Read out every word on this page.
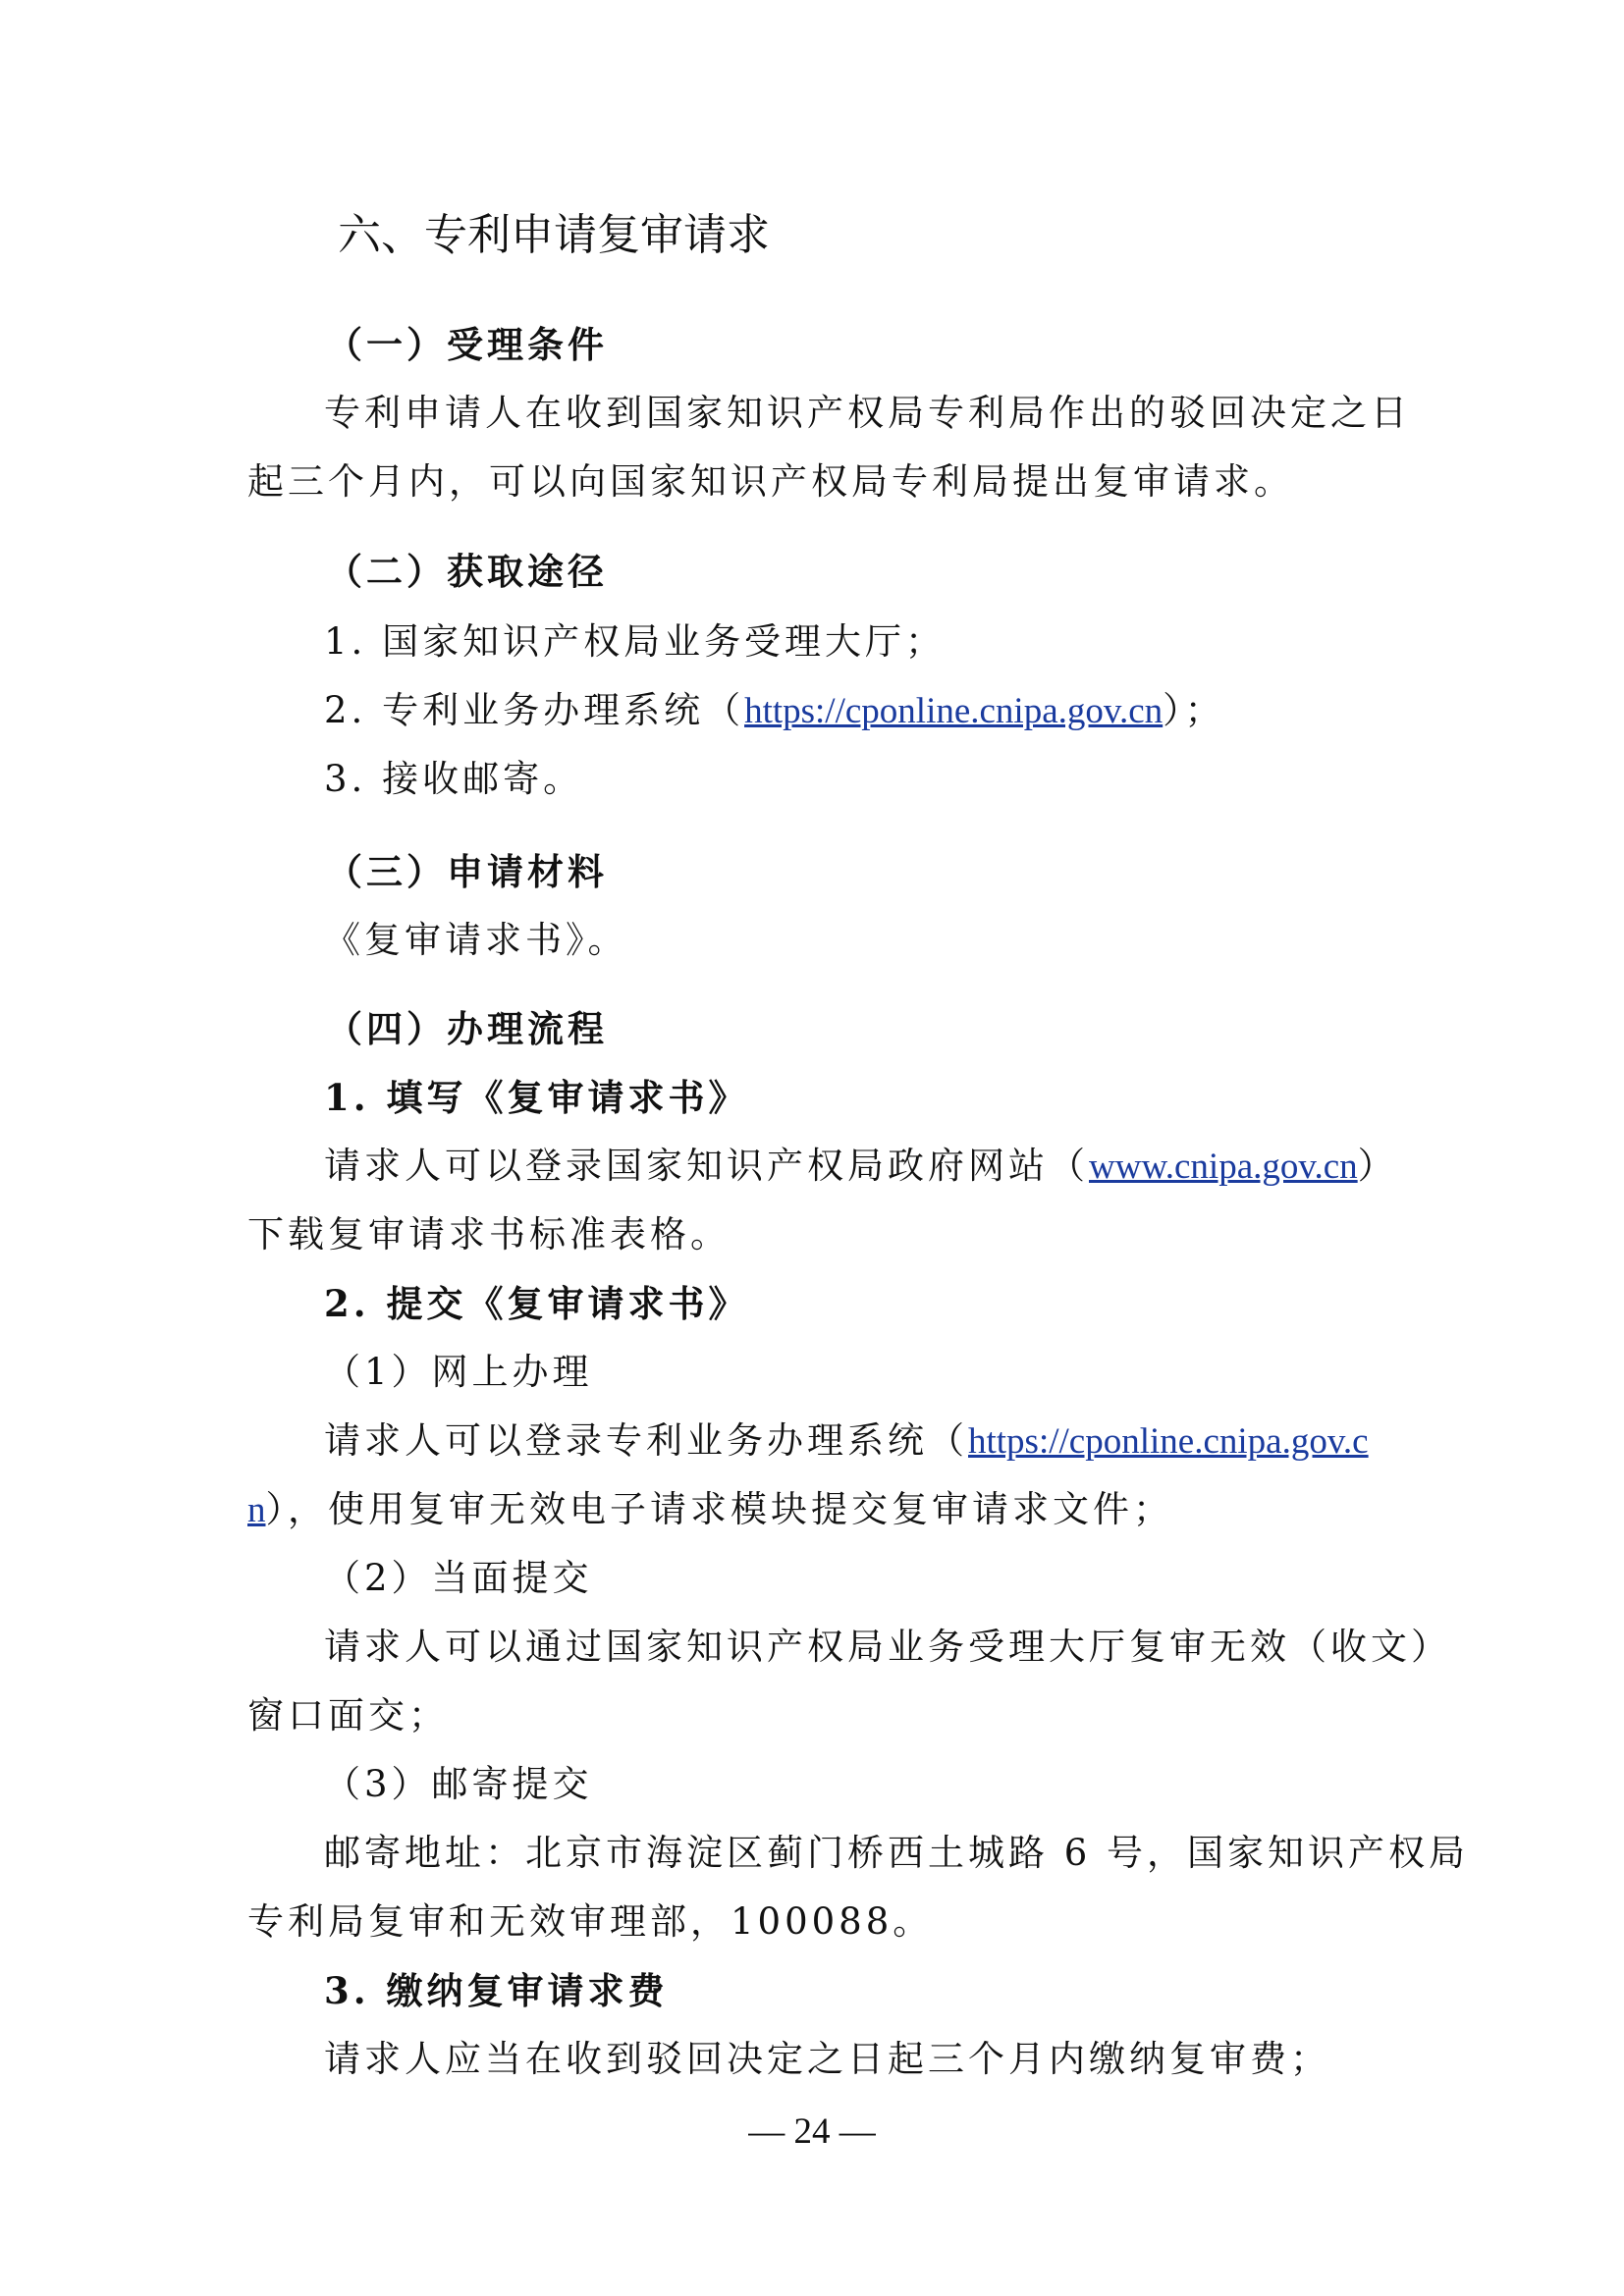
六、专利申请复审请求
（一）受理条件
专利申请人在收到国家知识产权局专利局作出的驳回决定之日
起三个月内，可以向国家知识产权局专利局提出复审请求。
（二）获取途径
1. 国家知识产权局业务受理大厅；
2. 专利业务办理系统（https://cponline.cnipa.gov.cn）；
3. 接收邮寄。
（三）申请材料
《复审请求书》。
（四）办理流程
1. 填写《复审请求书》
请求人可以登录国家知识产权局政府网站（www.cnipa.gov.cn）
下载复审请求书标准表格。
2. 提交《复审请求书》
（1）网上办理
请求人可以登录专利业务办理系统（https://cponline.cnipa.gov.c
n），使用复审无效电子请求模块提交复审请求文件；
（2）当面提交
请求人可以通过国家知识产权局业务受理大厅复审无效（收文）
窗口面交；
（3）邮寄提交
邮寄地址：北京市海淀区蓟门桥西土城路 6 号，国家知识产权局
专利局复审和无效审理部，100088。
3. 缴纳复审请求费
请求人应当在收到驳回决定之日起三个月内缴纳复审费；
— 24 —
